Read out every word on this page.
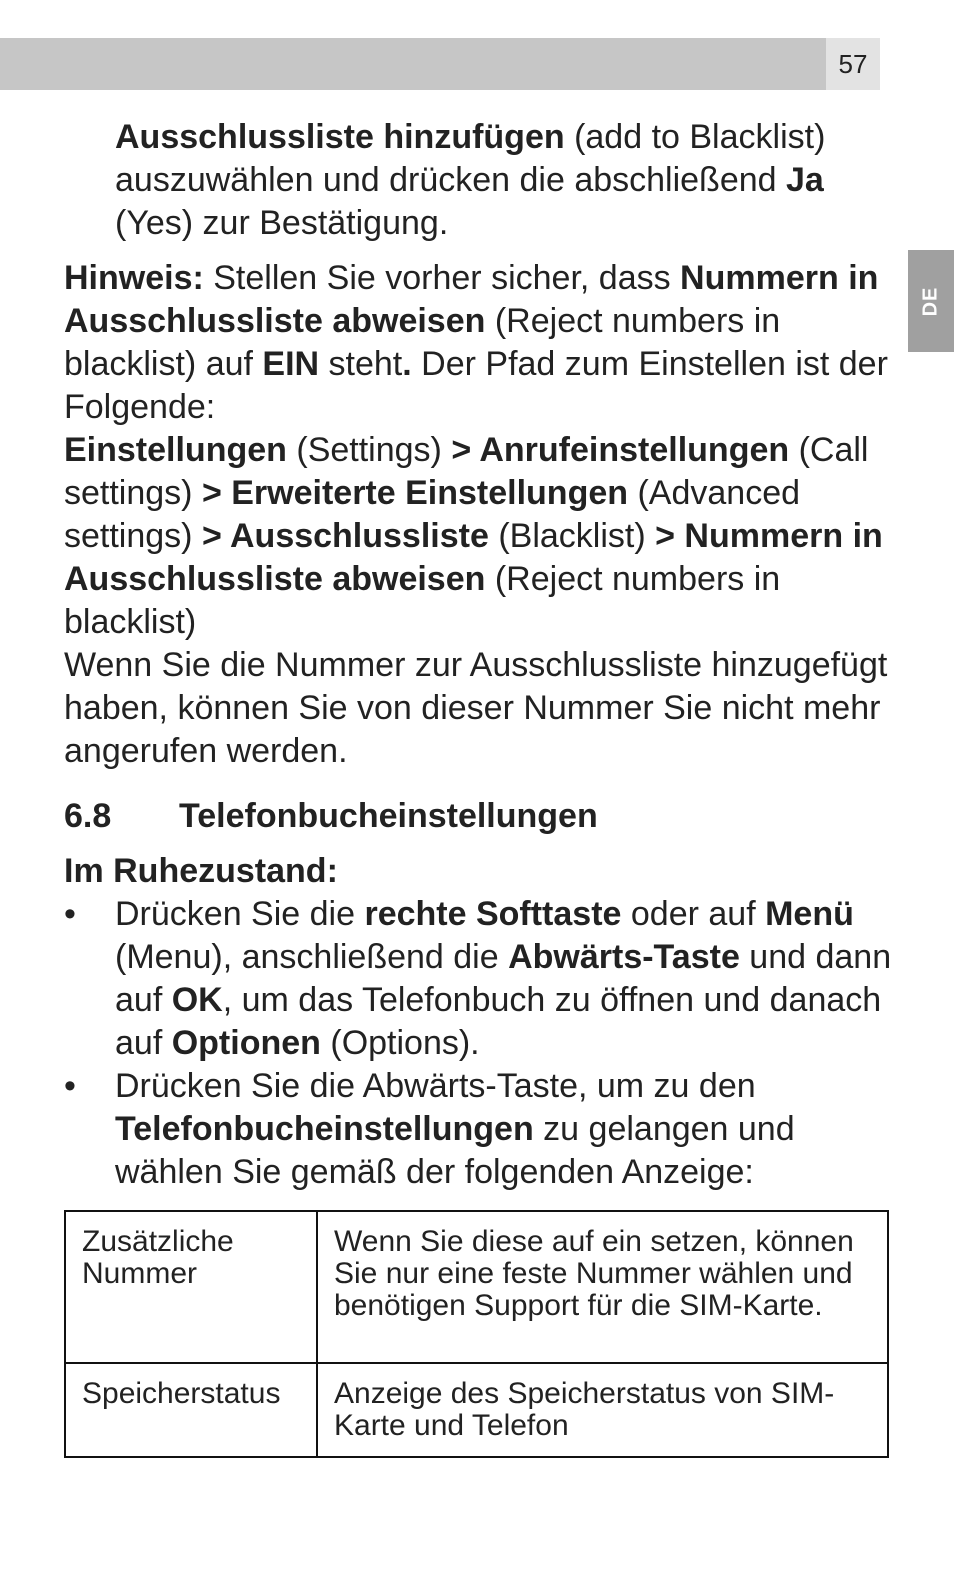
57
DE

Ausschlussliste hinzufügen (add to Blacklist) auszuwählen und drücken die abschließend Ja (Yes) zur Bestätigung.

Hinweis: Stellen Sie vorher sicher, dass Nummern in Ausschlussliste abweisen (Reject numbers in blacklist) auf EIN steht. Der Pfad zum Einstellen ist der Folgende:

Einstellungen (Settings) > Anrufeinstellungen (Call settings) > Erweiterte Einstellungen (Advanced settings) > Ausschlussliste (Blacklist) > Nummern in Ausschlussliste abweisen (Reject numbers in blacklist)

Wenn Sie die Nummer zur Ausschlussliste hinzugefügt haben, können Sie von dieser Nummer Sie nicht mehr angerufen werden.

6.8	Telefonbucheinstellungen

Im Ruhezustand:

• Drücken Sie die rechte Softtaste oder auf Menü (Menu), anschließend die Abwärts-Taste und dann auf OK, um das Telefonbuch zu öffnen und danach auf Optionen (Options).
• Drücken Sie die Abwärts-Taste, um zu den Telefonbucheinstellungen zu gelangen und wählen Sie gemäß der folgenden Anzeige:
Zusätzliche Nummer	Wenn Sie diese auf ein setzen, können Sie nur eine feste Nummer wählen und benötigen Support für die SIM-Karte.
Speicherstatus	Anzeige des Speicherstatus von SIM-Karte und Telefon
